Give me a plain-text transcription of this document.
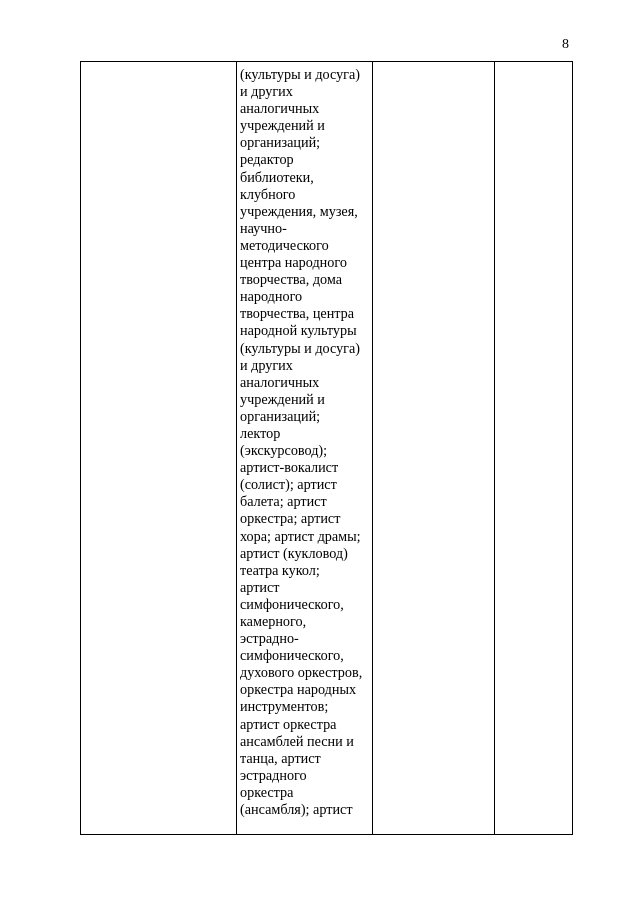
8

(культуры и досуга)
и других
аналогичных
учреждений и
организаций;
редактор
библиотеки,
клубного
учреждения, музея,
научно-
методического
центра народного
творчества, дома
народного
творчества, центра
народной культуры
(культуры и досуга)
и других
аналогичных
учреждений и
организаций;
лектор
(экскурсовод);
артист-вокалист
(солист); артист
балета; артист
оркестра; артист
хора; артист драмы;
артист (кукловод)
театра кукол;
артист
симфонического,
камерного,
эстрадно-
симфонического,
духового оркестров,
оркестра народных
инструментов;
артист оркестра
ансамблей песни и
танца, артист
эстрадного
оркестра
(ансамбля); артист
